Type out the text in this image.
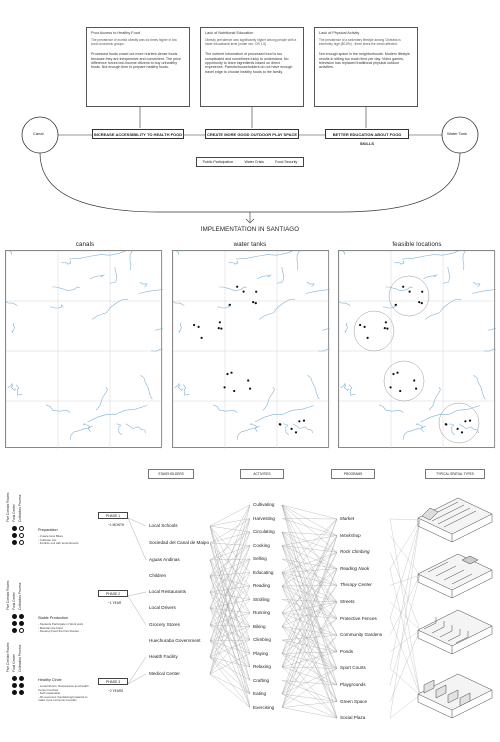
Canal	Water Tank
Poor Access to Healthy Food
The prevalence of morbid obesity was six times higher in low socio-economic groups.
Processed foods crowd out more nutrient-dense foods because they are inexpensive and convenient. The price difference forces low-income citizens to buy unhealthy foods. Not enough time to prepare healthy foods.
Lack of Nutritional Education
Obesity prevalence was significantly higher among people with a lower educational level (under sec. OR 1.5).
The nutrient information of processed food is too complicated and sometimes tricky to understand. No opportunity to learn ingredients based on direct experience. Parents/householders do not have enough travel edge to choose healthy foods to the family.
Lack of Physical Activity
The prevalence of a sedentary lifestyle among Chileans is extremely high (80.6%) - three times the mean affected.
Not enough space in the neighborhoods. Modern lifestyle results in sitting too much time per day. Video games, television has replaced traditional physical outdoor activities.
INCREASE ACCESSIBILITY TO HEALTH FOOD	CREATE MORE GOOD OUTDOOR PLAY SPACE	BETTER EDUCATION ABOUT FOOD SKILLS
Public Participation	Water Crisis	Food Security
IMPLEMENTATION IN SANTIAGO
canals	water tanks	feasible locations
STAKEHOLDERS	ACTIVITIES	PROGRAMS	TYPICAL SPATIAL TYPES
Local Schools
Sociedad del Canal de Maipo
Aguas Andinas
Children
Local Restaurants
Local Drivers
Grocery Stores
Huechuraba Government
Health Facility
Medical Center
Cultivating
Harvesting
Circulating
Cooking
Selling
Educating
Reading
Strolling
Running
Biking
Climbing
Playing
Relaxing
Crafting
Eating
Exercising
Market
Workshop
Rock Climbing
Reading Nook
Therapy Center
Streets
Protective Fences
Community Gardens
Ponds
Sport Courts
Playgrounds
Green Space
Social Plaza
Five Corridor Routes Food Center Cultivation Process
Preparation
- Create How Bikes
- Cultivate site
- Fertilize soil with amendments
PHASE 1
~1 MONTH
Five Corridor Routes Food Center Cultivation Process
Stable Production
- Students Participate in Work work
- Maintain the Field
- Develop Food the Five Routes
PHASE 2
~1 YEAR
Five Corridor Routes Food Center Cultivation Process
Healthy Circle
- Local Drivers, Restaurants and Health Center Involved
- Self sustainable
- All resources (fundraising)/material to make more economic benefits
PHASE 3
~2 YEARS
